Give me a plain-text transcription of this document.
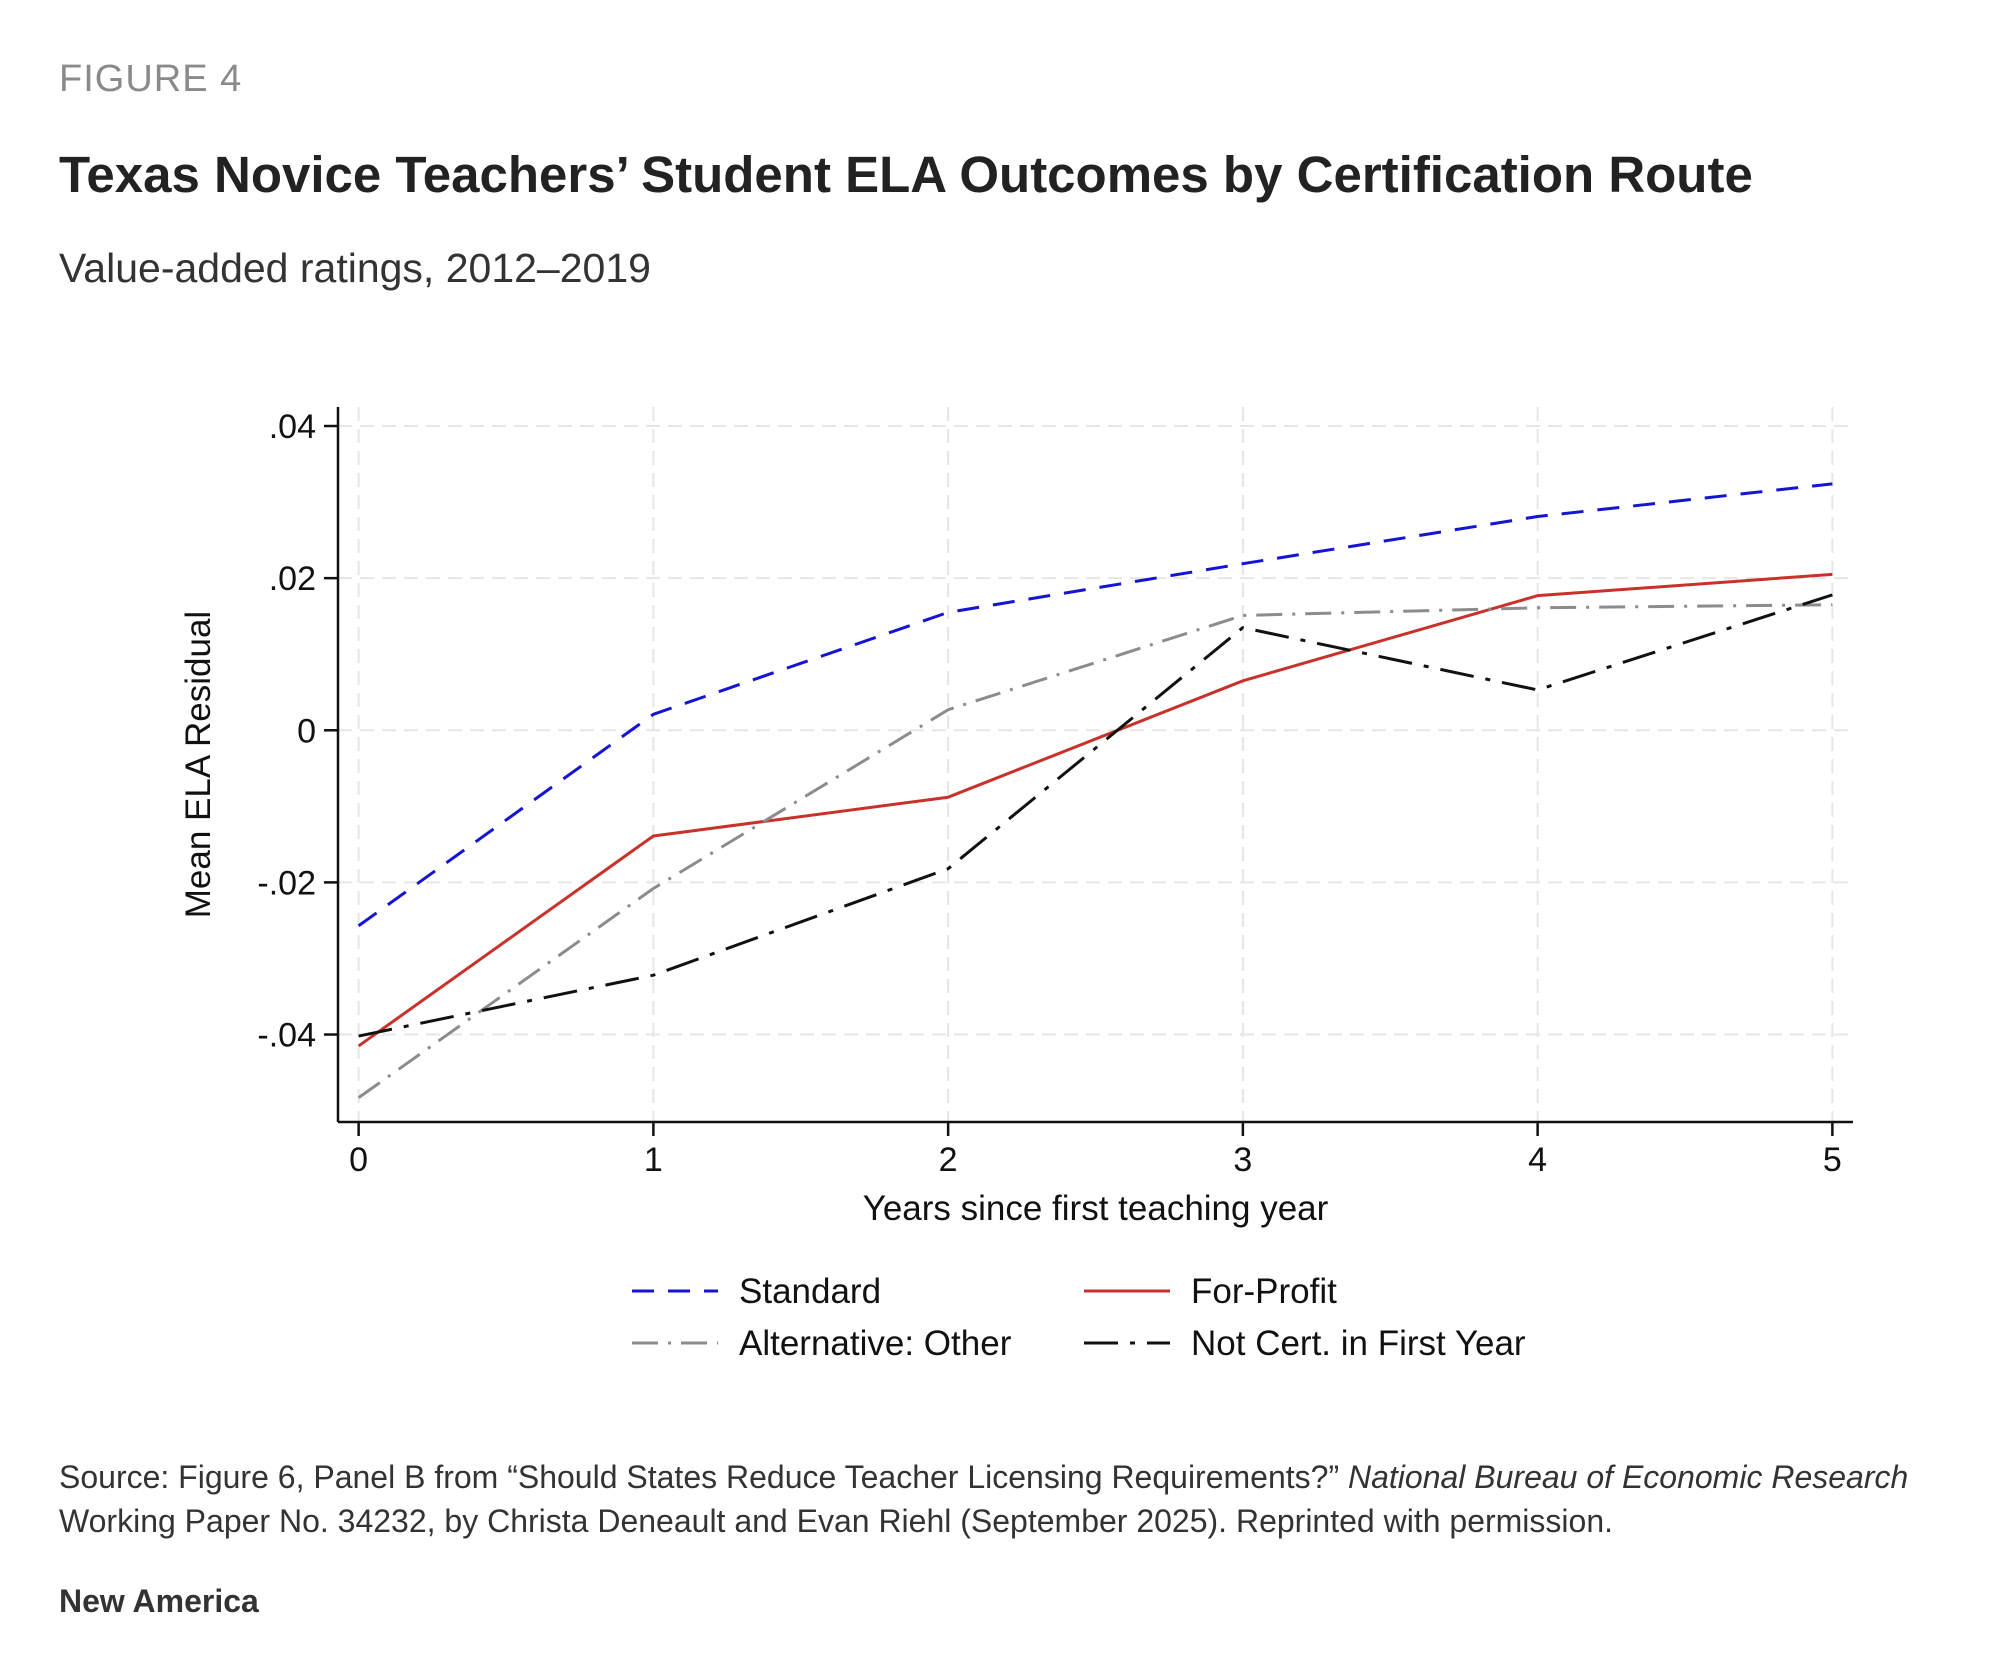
FIGURE 4
Texas Novice Teachers’ Student ELA Outcomes by Certification Route
Value-added ratings, 2012–2019
.04
.02
0
-.02
-.04
0	1	2	3	4	5
Years since first teaching year
Mean ELA Residual
Standard	For-Profit
Alternative: Other	Not Cert. in First Year
Source: Figure 6, Panel B from “Should States Reduce Teacher Licensing Requirements?” National Bureau of Economic Research Working Paper No. 34232, by Christa Deneault and Evan Riehl (September 2025). Reprinted with permission.
New America
